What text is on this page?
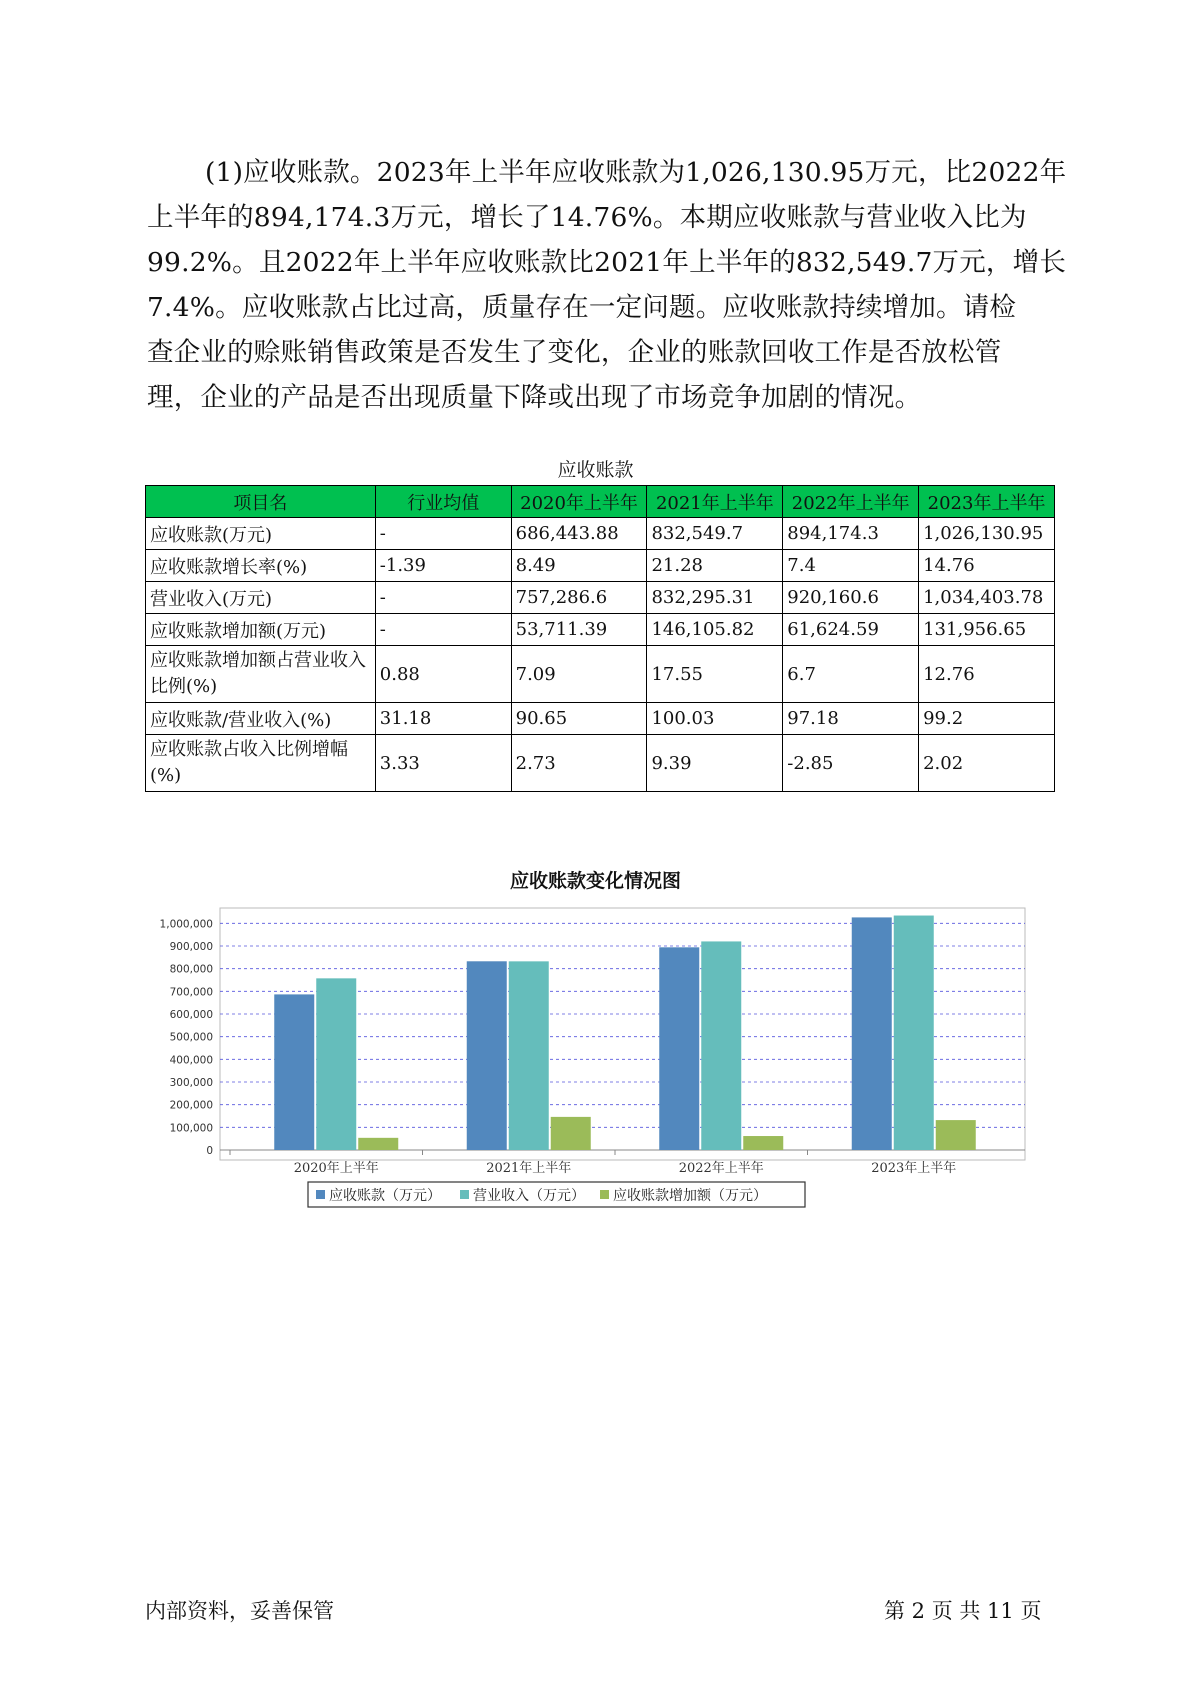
(1)应收账款。2023年上半年应收账款为1,026,130.95万元，比2022年
上半年的894,174.3万元，增长了14.76%。本期应收账款与营业收入比为
99.2%。且2022年上半年应收账款比2021年上半年的832,549.7万元，增长
7.4%。应收账款占比过高，质量存在一定问题。应收账款持续增加。请检
查企业的赊账销售政策是否发生了变化，企业的账款回收工作是否放松管
理，企业的产品是否出现质量下降或出现了市场竞争加剧的情况。
应收账款
项目名	行业均值	2020年上半年	2021年上半年	2022年上半年	2023年上半年
应收账款(万元)	-	686,443.88	832,549.7	894,174.3	1,026,130.95
应收账款增长率(%)	-1.39	8.49	21.28	7.4	14.76
营业收入(万元)	-	757,286.6	832,295.31	920,160.6	1,034,403.78
应收账款增加额(万元)	-	53,711.39	146,105.82	61,624.59	131,956.65
应收账款增加额占营业收入比例(%)	0.88	7.09	17.55	6.7	12.76
应收账款/营业收入(%)	31.18	90.65	100.03	97.18	99.2
应收账款占收入比例增幅(%)	3.33	2.73	9.39	-2.85	2.02
应收账款变化情况图
0
100,000
200,000
300,000
400,000
500,000
600,000
700,000
800,000
900,000
1,000,000
2020年上半年	2021年上半年	2022年上半年	2023年上半年
应收账款（万元） 营业收入（万元） 应收账款增加额（万元）
内部资料，妥善保管	第 2 页 共 11 页
